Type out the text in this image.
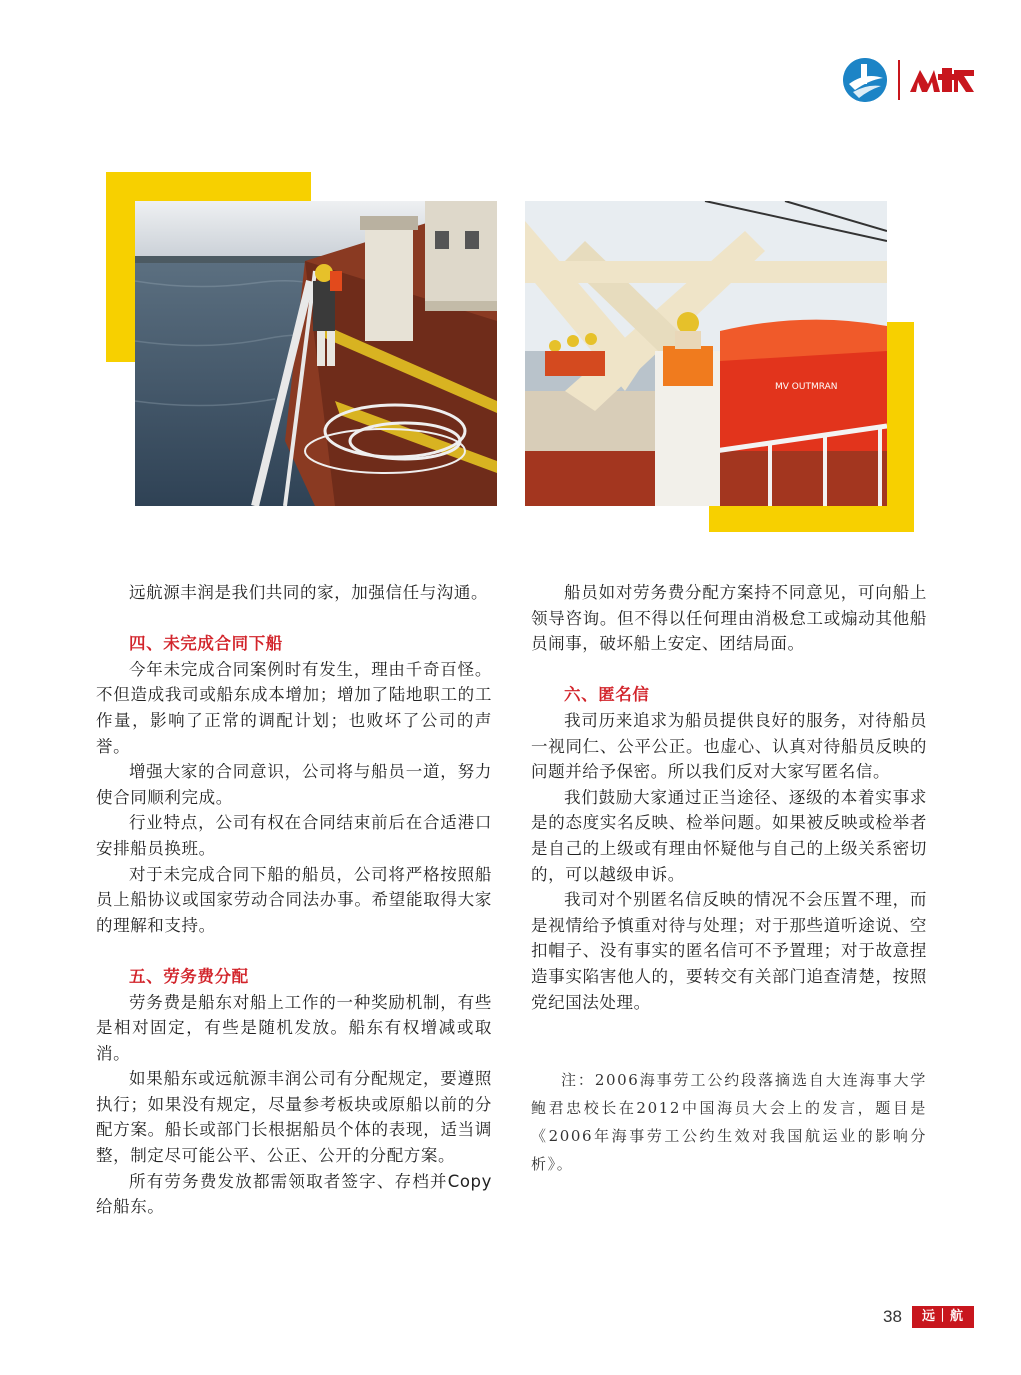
MV OUTMRAN

远航源丰润是我们共同的家，加强信任与沟通。

四、未完成合同下船

今年未完成合同案例时有发生，理由千奇百怪。不但造成我司或船东成本增加；增加了陆地职工的工作量，影响了正常的调配计划；也败坏了公司的声誉。

增强大家的合同意识，公司将与船员一道，努力使合同顺利完成。

行业特点，公司有权在合同结束前后在合适港口安排船员换班。

对于未完成合同下船的船员，公司将严格按照船员上船协议或国家劳动合同法办事。希望能取得大家的理解和支持。

五、劳务费分配

劳务费是船东对船上工作的一种奖励机制，有些是相对固定，有些是随机发放。船东有权增减或取消。

如果船东或远航源丰润公司有分配规定，要遵照执行；如果没有规定，尽量参考板块或原船以前的分配方案。船长或部门长根据船员个体的表现，适当调整，制定尽可能公平、公正、公开的分配方案。

所有劳务费发放都需领取者签字、存档并Copy给船东。

船员如对劳务费分配方案持不同意见，可向船上领导咨询。但不得以任何理由消极怠工或煽动其他船员闹事，破坏船上安定、团结局面。

六、匿名信

我司历来追求为船员提供良好的服务，对待船员一视同仁、公平公正。也虚心、认真对待船员反映的问题并给予保密。所以我们反对大家写匿名信。

我们鼓励大家通过正当途径、逐级的本着实事求是的态度实名反映、检举问题。如果被反映或检举者是自己的上级或有理由怀疑他与自己的上级关系密切的，可以越级申诉。

我司对个别匿名信反映的情况不会压置不理，而是视情给予慎重对待与处理；对于那些道听途说、空扣帽子、没有事实的匿名信可不予置理；对于故意捏造事实陷害他人的，要转交有关部门追查清楚，按照党纪国法处理。

注：2006海事劳工公约段落摘选自大连海事大学鲍君忠校长在2012中国海员大会上的发言，题目是《2006年海事劳工公约生效对我国航运业的影响分析》。
38	远｜航
